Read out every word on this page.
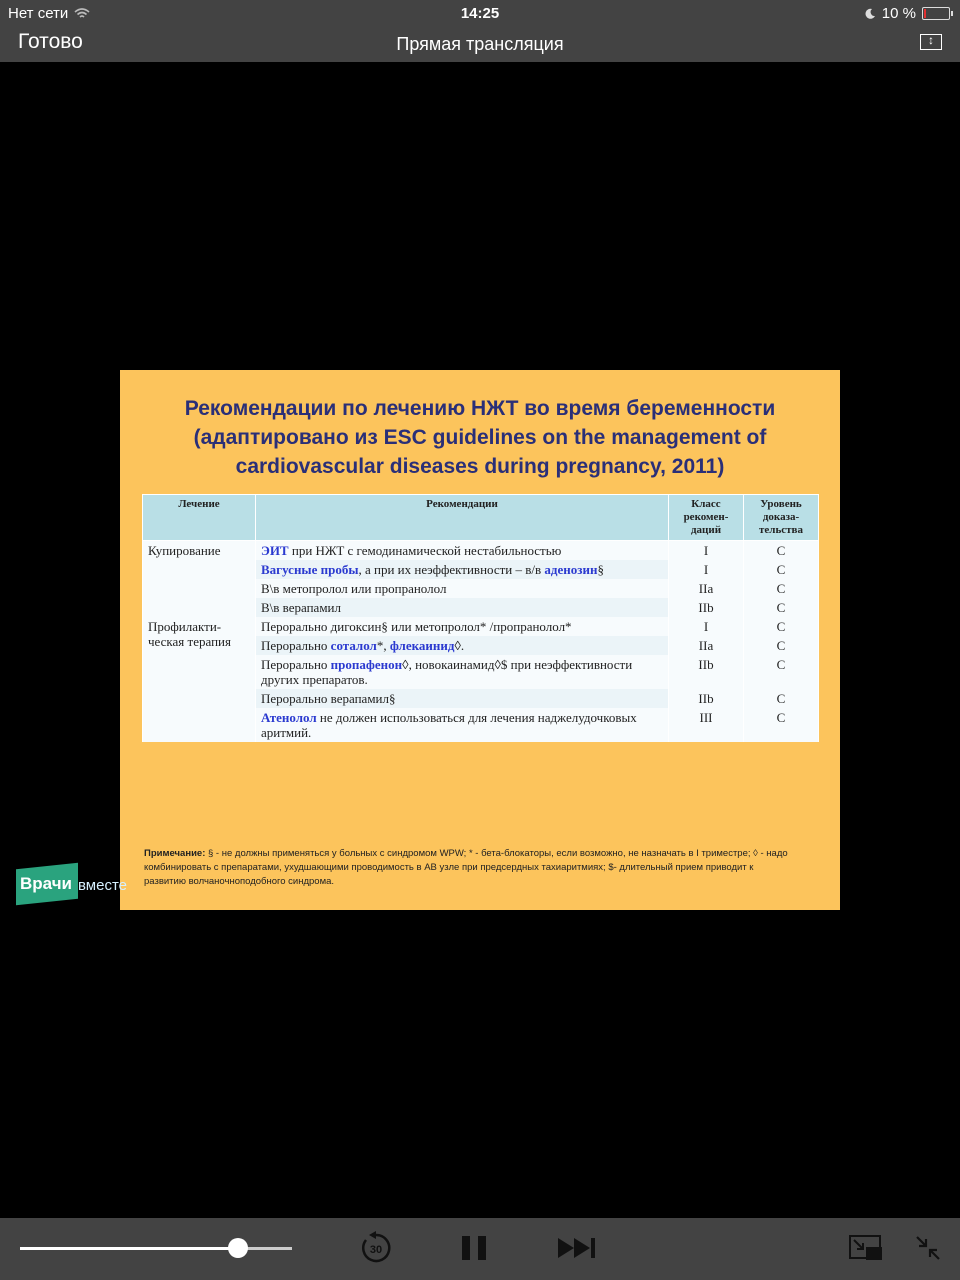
Нет сети	14:25	10 %
Готово	Прямая трансляция	↕
Рекомендации по лечению НЖТ во время беременности
(адаптировано из ESC guidelines on the management of
cardiovascular diseases during pregnancy, 2011)
Лечение	Рекомендации	Класс рекомен-даций	Уровень доказа-тельства
Купирование	ЭИТ при НЖТ с гемодинамической нестабильностью	I	C
	Вагусные пробы, а при их неэффективности – в/в аденозин§	I	C
	В\в метопролол или пропранолол	IIa	C
	В\в верапамил	IIb	C
Профилакти-ческая терапия	Перорально дигоксин§ или метопролол* /пропранолол*	I	C
	Перорально соталол*, флекаинид◊.	IIa	C
	Перорально пропафенон◊, новокаинамид◊$ при неэффективности других препаратов.	IIb	C
	Перорально верапамил§	IIb	C
	Атенолол не должен использоваться для лечения наджелудочковых аритмий.	III	C
Примечание: § - не должны применяться у больных с синдромом WPW; * - бета-блокаторы, если возможно, не назначать в I триместре; ◊ - надо комбинировать с препаратами, ухудшающими проводимость в АВ узле при предсердных тахиаритмиях; $- длительный прием приводит к развитию волчаночноподобного синдрома.
Врачи вместе
30
